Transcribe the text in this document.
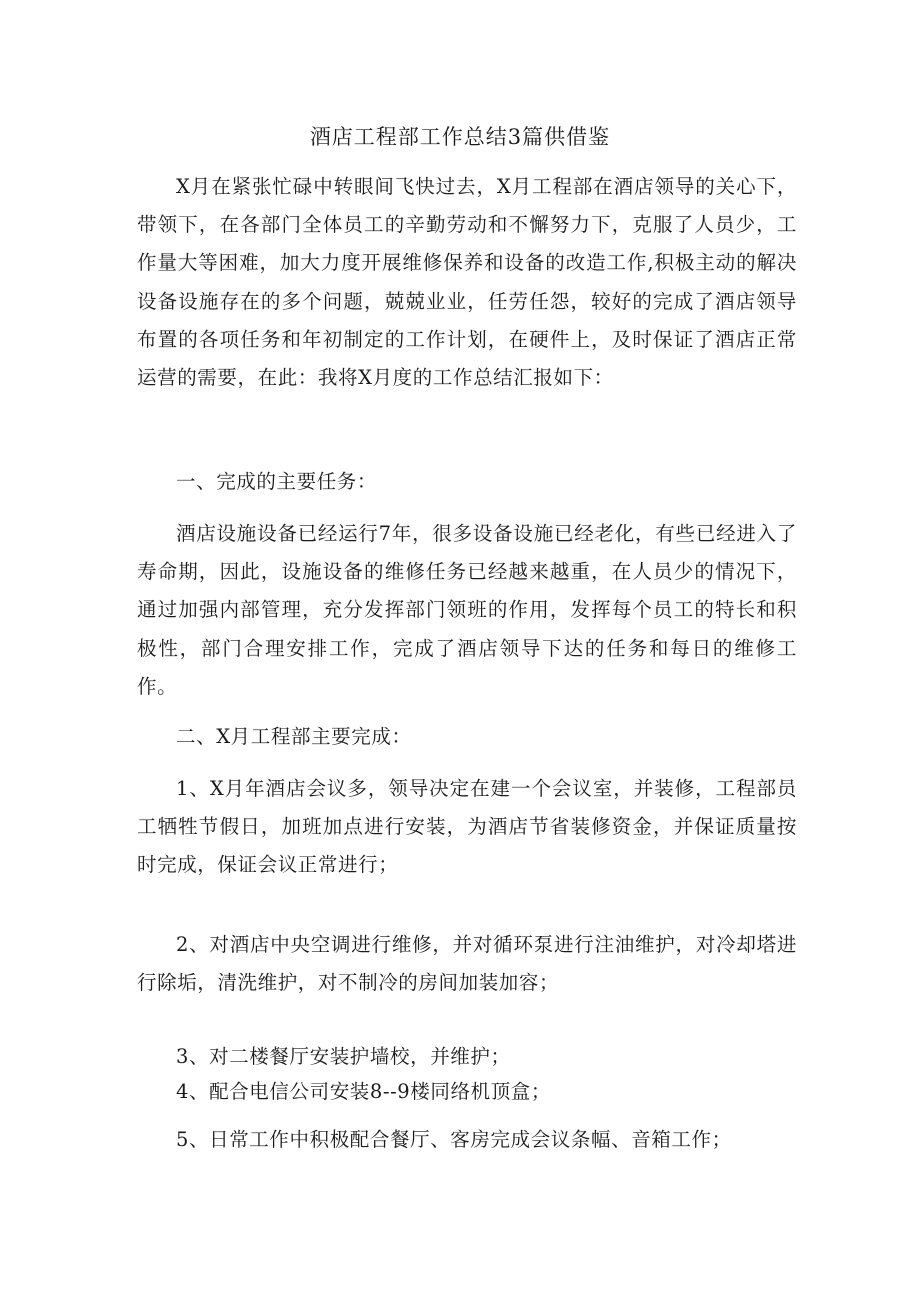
酒店工程部工作总结3篇供借鉴

X月在紧张忙碌中转眼间飞快过去，X月工程部在酒店领导的关心下，带领下，在各部门全体员工的辛勤劳动和不懈努力下，克服了人员少，工作量大等困难，加大力度开展维修保养和设备的改造工作,积极主动的解决设备设施存在的多个问题，兢兢业业，任劳任怨，较好的完成了酒店领导布置的各项任务和年初制定的工作计划，在硬件上，及时保证了酒店正常运营的需要，在此：我将X月度的工作总结汇报如下：

一、完成的主要任务：

酒店设施设备已经运行7年，很多设备设施已经老化，有些已经进入了寿命期，因此，设施设备的维修任务已经越来越重，在人员少的情况下，通过加强内部管理，充分发挥部门领班的作用，发挥每个员工的特长和积极性，部门合理安排工作，完成了酒店领导下达的任务和每日的维修工作。

二、X月工程部主要完成：

1、X月年酒店会议多，领导决定在建一个会议室，并装修，工程部员工牺牲节假日，加班加点进行安装，为酒店节省装修资金，并保证质量按时完成，保证会议正常进行；

2、对酒店中央空调进行维修，并对循环泵进行注油维护，对冷却塔进行除垢，清洗维护，对不制冷的房间加装加容；

3、对二楼餐厅安装护墙校，并维护；

4、配合电信公司安装8--9楼同络机顶盒；

5、日常工作中积极配合餐厅、客房完成会议条幅、音箱工作；
